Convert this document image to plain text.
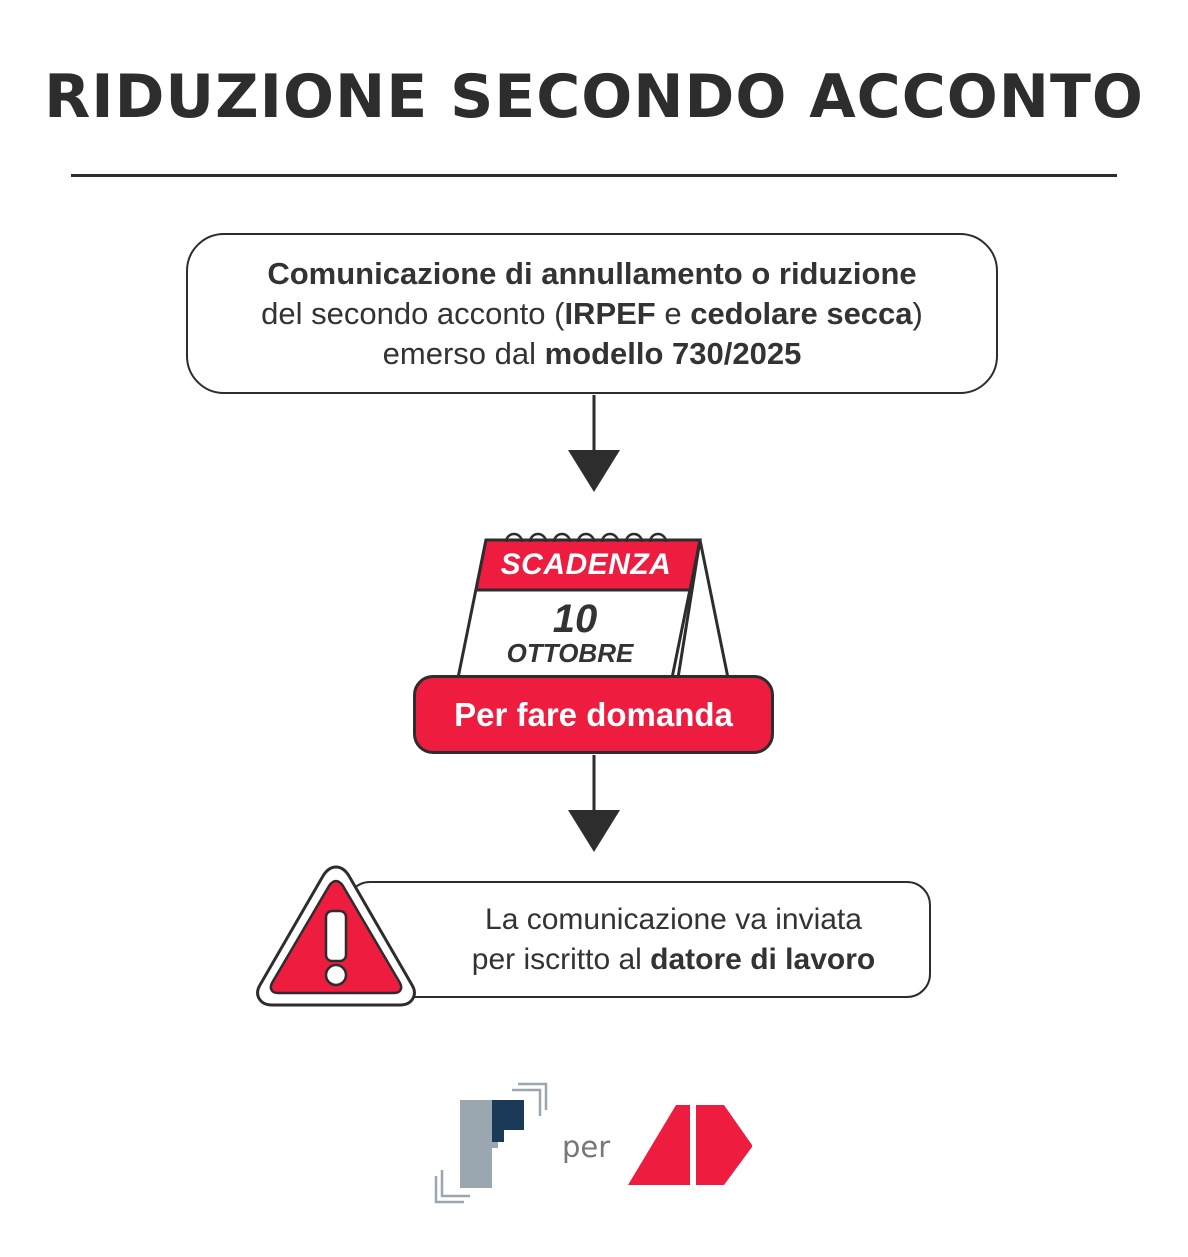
RIDUZIONE SECONDO ACCONTO
Comunicazione di annullamento o riduzione
del secondo acconto (IRPEF e cedolare secca)
emerso dal modello 730/2025
SCADENZA
10
OTTOBRE
Per fare domanda
La comunicazione va inviata
per iscritto al datore di lavoro
per
